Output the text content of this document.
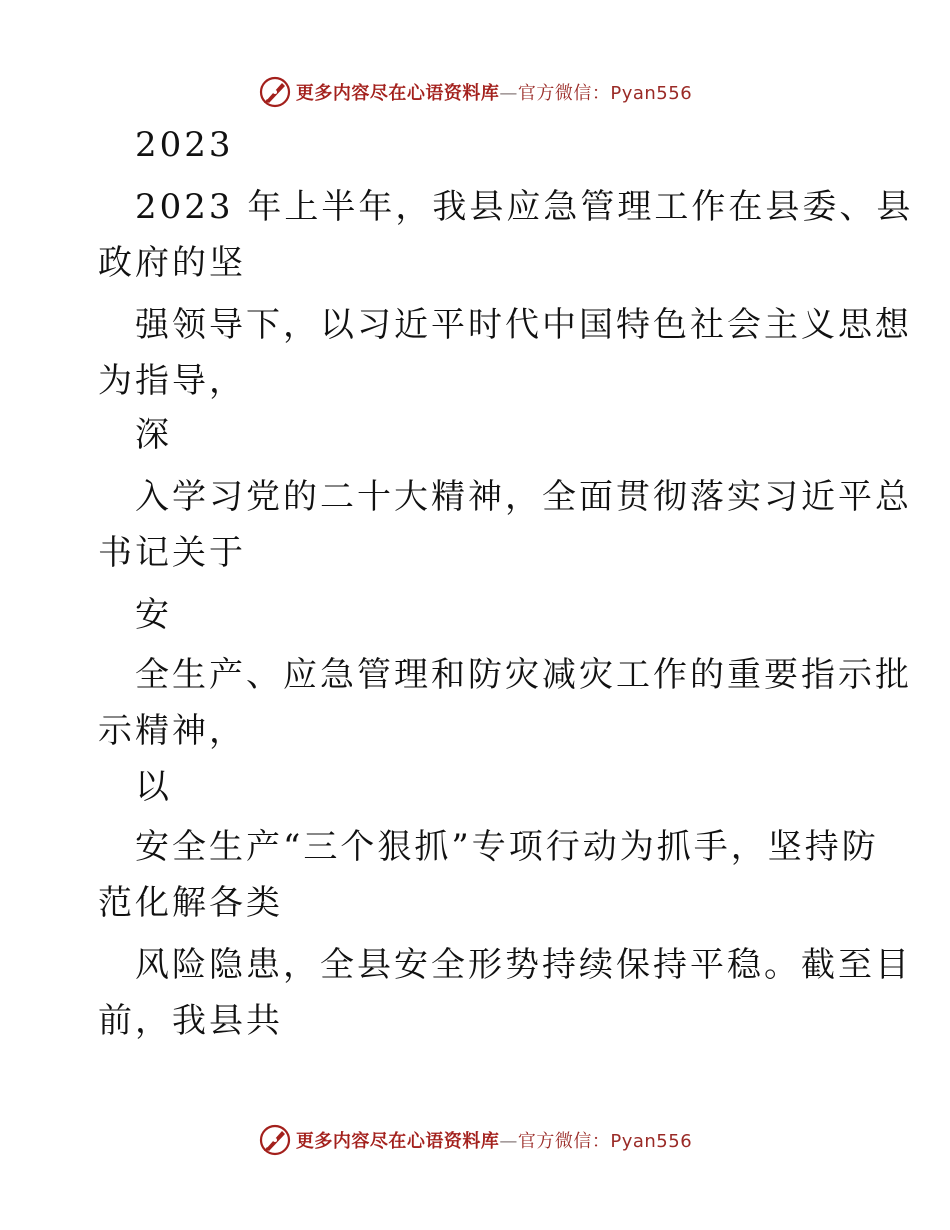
更多内容尽在心语资料库—官方微信：Pyan556
2023
2023 年上半年，我县应急管理工作在县委、县
政府的坚
强领导下，以习近平时代中国特色社会主义思想
为指导，
深
入学习党的二十大精神，全面贯彻落实习近平总
书记关于
安
全生产、应急管理和防灾减灾工作的重要指示批
示精神，
以
安全生产“三个狠抓”专项行动为抓手，坚持防
范化解各类
风险隐患，全县安全形势持续保持平稳。截至目
前，我县共
更多内容尽在心语资料库—官方微信：Pyan556
